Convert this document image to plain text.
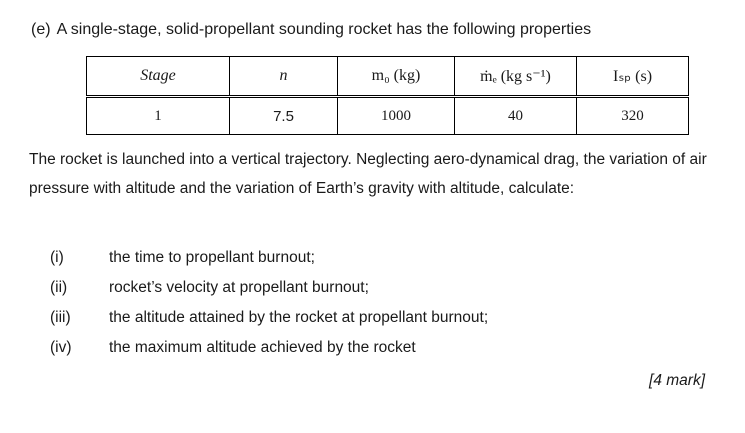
(e) A single-stage, solid-propellant sounding rocket has the following properties
Stage	n	m₀ (kg)	ṁₑ (kg s⁻¹)	Iₛₚ (s)
1	7.5	1000	40	320
The rocket is launched into a vertical trajectory. Neglecting aero-dynamical drag, the variation of air pressure with altitude and the variation of Earth’s gravity with altitude, calculate:
(i)	the time to propellant burnout;
(ii)	rocket’s velocity at propellant burnout;
(iii)	the altitude attained by the rocket at propellant burnout;
(iv)	the maximum altitude achieved by the rocket
[4 mark]
